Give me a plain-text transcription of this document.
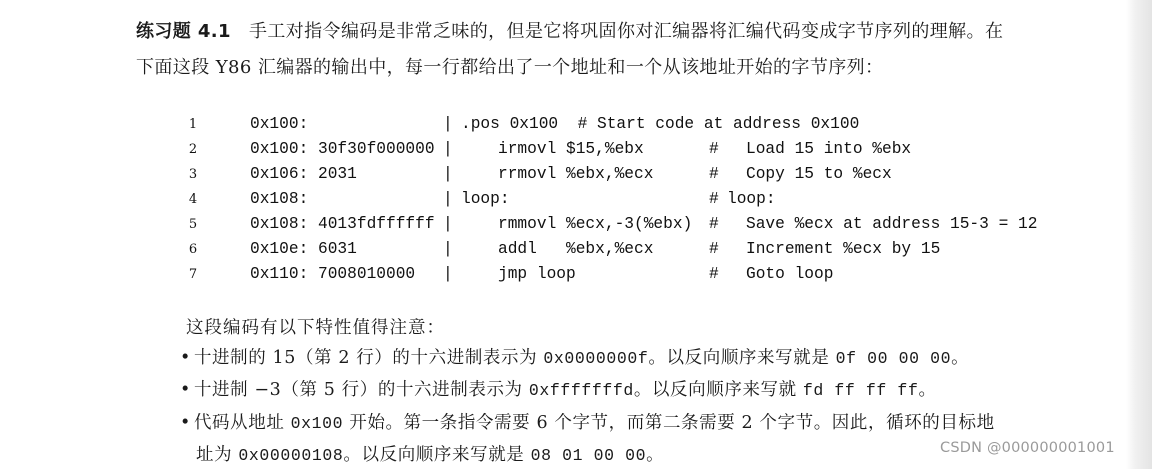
练习题 4.1 手工对指令编码是非常乏味的，但是它将巩固你对汇编器将汇编代码变成字节序列的理解。在
下面这段 Y86 汇编器的输出中，每一行都给出了一个地址和一个从该地址开始的字节序列：
1	0x100:	| .pos 0x100  # Start code at address 0x100
2	0x100: 30f30f000000 |	irmovl $15,%ebx	# Load 15 into %ebx
3	0x106: 2031	|	rrmovl %ebx,%ecx	# Copy 15 to %ecx
4	0x108:	| loop:	# loop:
5	0x108: 4013fdffffff |	rmmovl %ecx,-3(%ebx) # Save %ecx at address 15-3 = 12
6	0x10e: 6031	|	addl   %ebx,%ecx	# Increment %ecx by 15
7	0x110: 7008010000 |	jmp loop	# Goto loop
这段编码有以下特性值得注意：
• 十进制的 15（第 2 行）的十六进制表示为 0x0000000f。以反向顺序来写就是 0f 00 00 00。
• 十进制 −3（第 5 行）的十六进制表示为 0xfffffffd。以反向顺序来写就 fd ff ff ff。
• 代码从地址 0x100 开始。第一条指令需要 6 个字节，而第二条需要 2 个字节。因此，循环的目标地
址为 0x00000108。以反向顺序来写就是 08 01 00 00。	CSDN @000000001001
